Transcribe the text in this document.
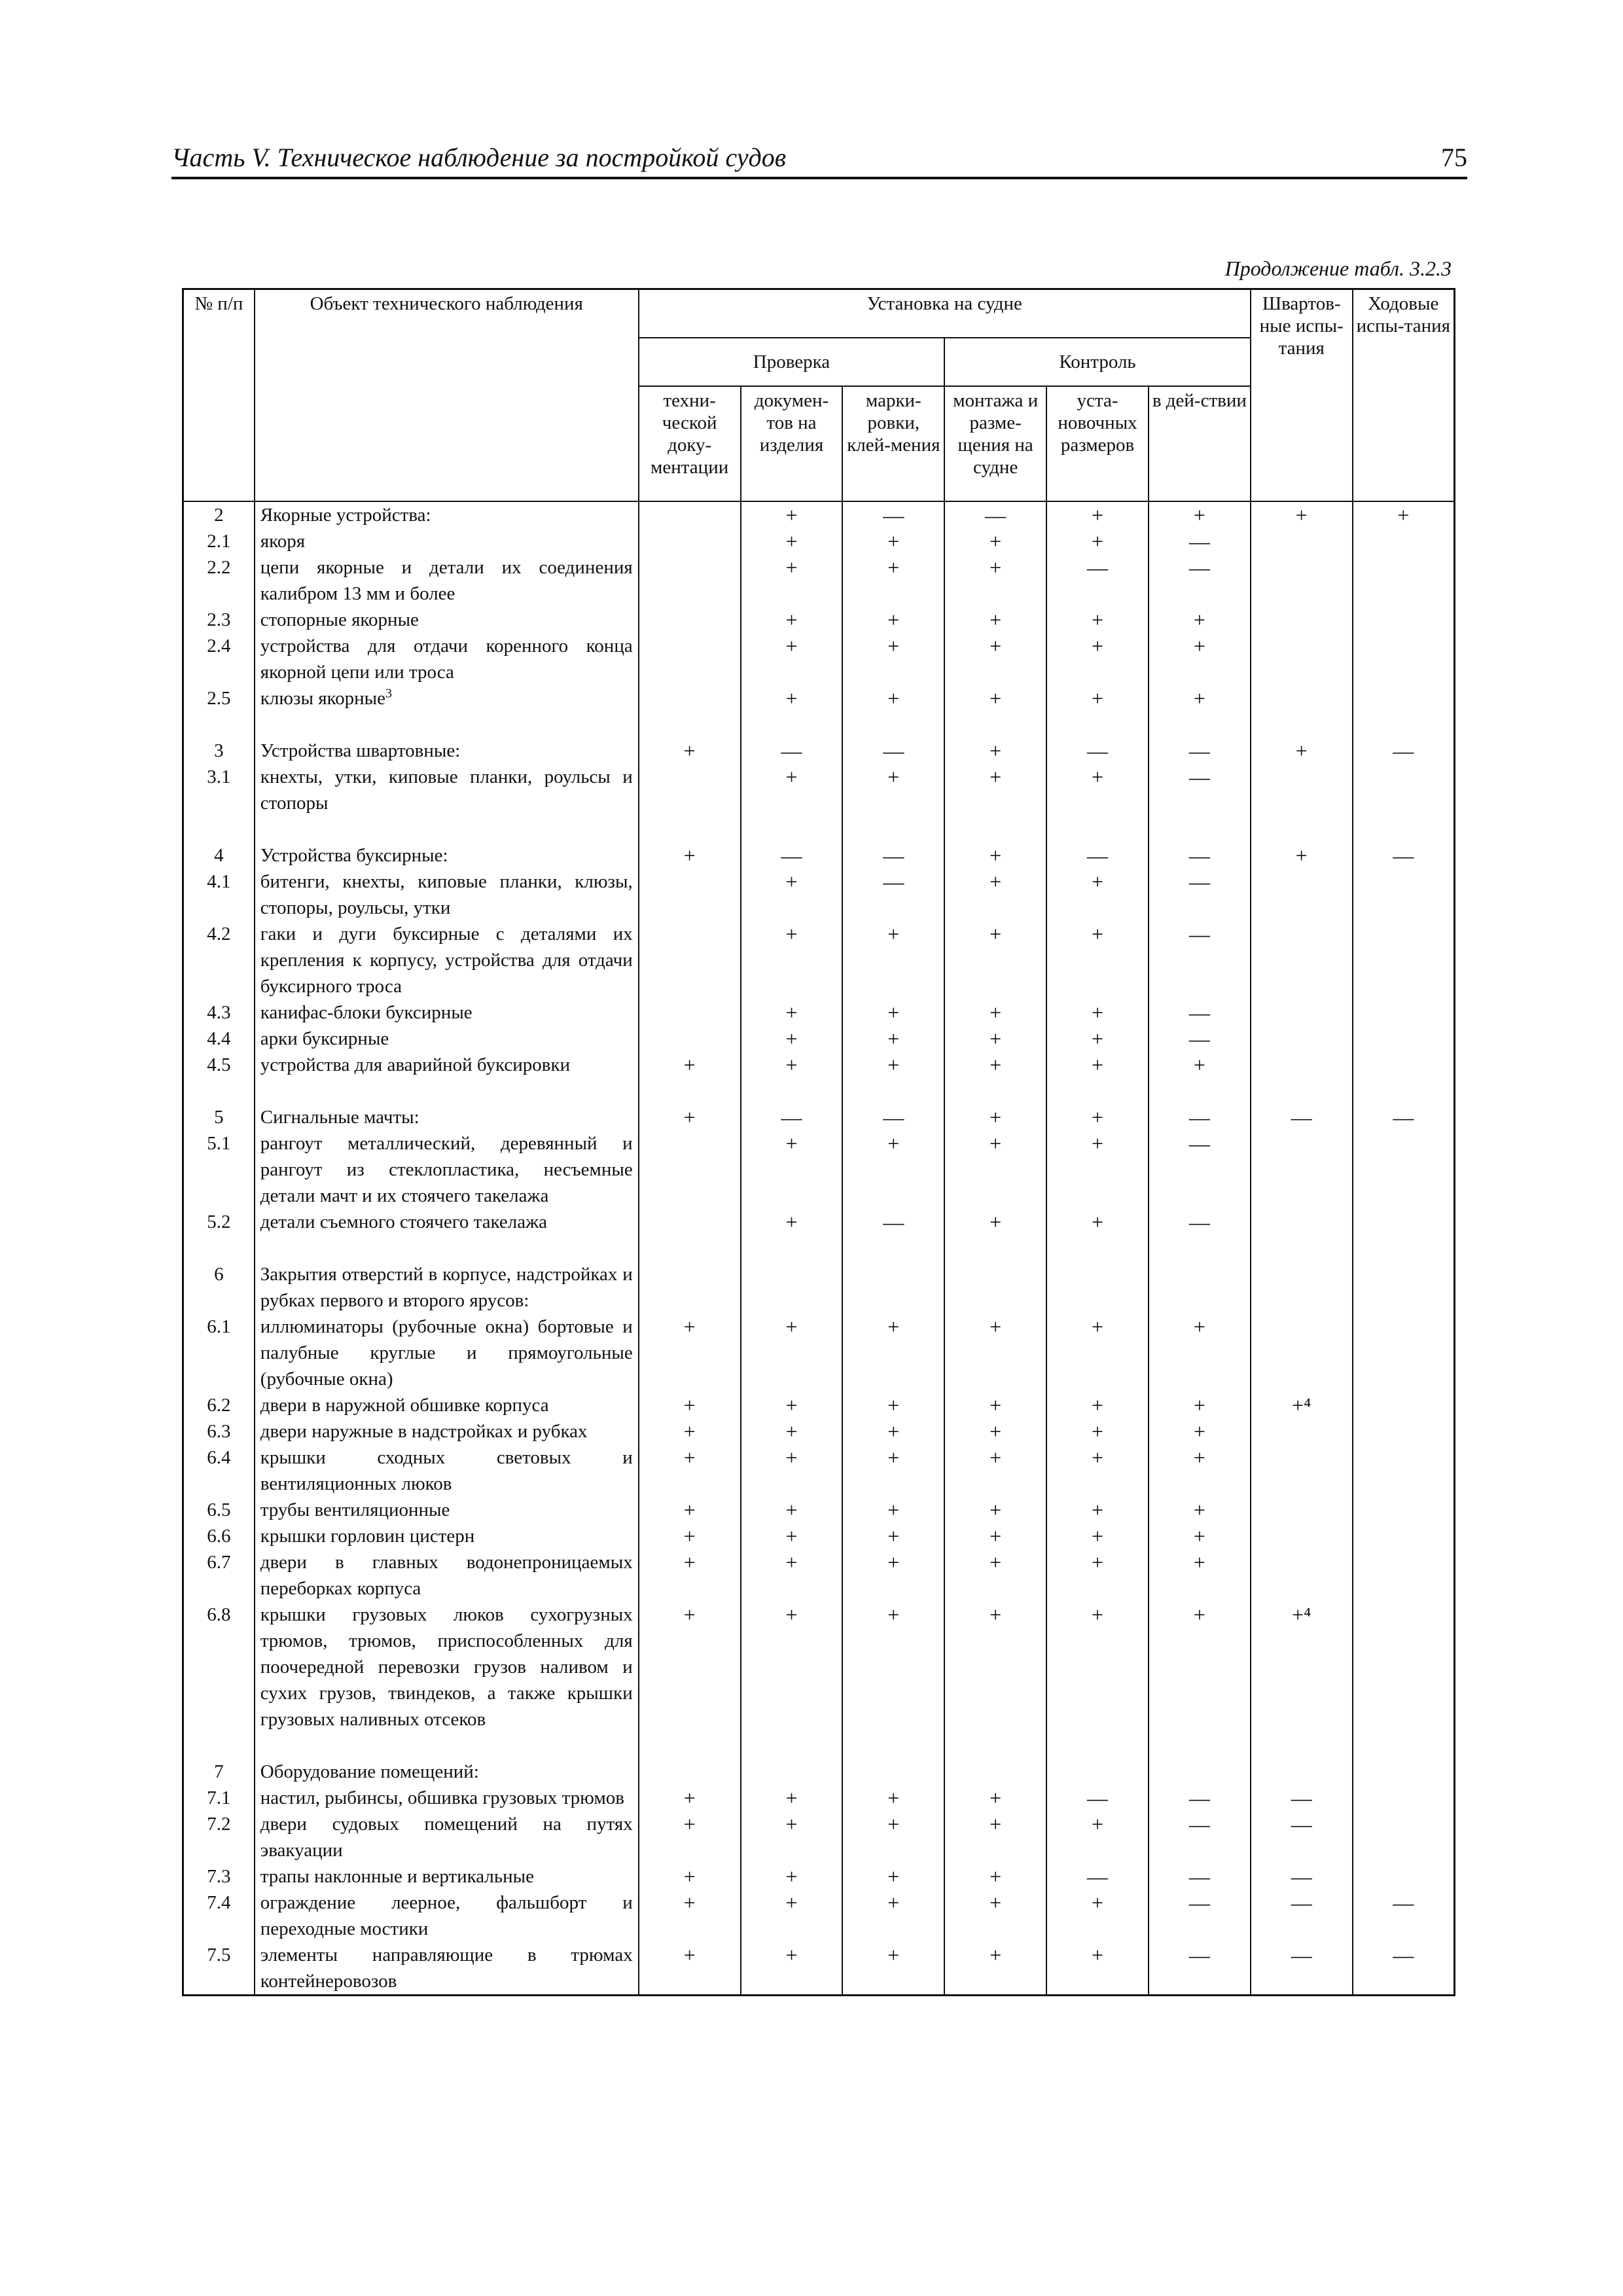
Часть V. Техническое наблюдение за постройкой судов	75
Продолжение табл. 3.2.3
№ п/п	Объект технического наблюдения	Установка на судне						Швартов-ные испы-тания	Ходовые испы-тания
		Проверка			Контроль				
		техни-ческой доку-ментации	докумен-тов на изделия	марки-ровки, клей-мения	монтажа и разме-щения на судне	уста-новочных размеров	в дей-ствии		
2	Якорные устройства:		+	—	—	+	+	+	+
2.1	якоря		+	+	+	+	—		
2.2	цепи якорные и детали их соединения калибром 13 мм и более		+	+	+	—	—		
2.3	стопорные якорные		+	+	+	+	+		
2.4	устройства для отдачи коренного конца якорной цепи или троса		+	+	+	+	+		
2.5	клюзы якорные$^3$		+	+	+	+	+		

3	Устройства швартовные:	+	—	—	+	—	—	+	—
3.1	кнехты, утки, киповые планки, роульсы и стопоры		+	+	+	+	—		

4	Устройства буксирные:	+	—	—	+	—	—	+	—
4.1	битенги, кнехты, киповые планки, клюзы, стопоры, роульсы, утки		+	—	+	+	—		
4.2	гаки и дуги буксирные с деталями их крепления к корпусу, устройства для отдачи буксирного троса		+	+	+	+	—		
4.3	канифас-блоки буксирные		+	+	+	+	—		
4.4	арки буксирные		+	+	+	+	—		
4.5	устройства для аварийной буксировки	+	+	+	+	+	+		

5	Сигнальные мачты:	+	—	—	+	+	—	—	—
5.1	рангоут металлический, деревянный и рангоут из стеклопластика, несъемные детали мачт и их стоячего такелажа		+	+	+	+	—		
5.2	детали съемного стоячего такелажа		+	—	+	+	—		

6	Закрытия отверстий в корпусе, надстройках и рубках первого и второго ярусов:								
6.1	иллюминаторы (рубочные окна) бортовые и палубные круглые и прямоугольные (рубочные окна)	+	+	+	+	+	+		
6.2	двери в наружной обшивке корпуса	+	+	+	+	+	+	+⁴	
6.3	двери наружные в надстройках и рубках	+	+	+	+	+	+		
6.4	крышки сходных световых и вентиляционных люков	+	+	+	+	+	+		
6.5	трубы вентиляционные	+	+	+	+	+	+		
6.6	крышки горловин цистерн	+	+	+	+	+	+		
6.7	двери в главных водонепроницаемых переборках корпуса	+	+	+	+	+	+		
6.8	крышки грузовых люков сухогрузных трюмов, трюмов, приспособленных для поочередной перевозки грузов наливом и сухих грузов, твиндеков, а также крышки грузовых наливных отсеков	+	+	+	+	+	+	+⁴	

7	Оборудование помещений:								
7.1	настил, рыбинсы, обшивка грузовых трюмов	+	+	+	+	—	—	—	
7.2	двери судовых помещений на путях эвакуации	+	+	+	+	+	—	—	
7.3	трапы наклонные и вертикальные	+	+	+	+	—	—	—	
7.4	ограждение леерное, фальшборт и переходные мостики	+	+	+	+	+	—	—	—
7.5	элементы направляющие в трюмах контейнеровозов	+	+	+	+	+	—	—	—
